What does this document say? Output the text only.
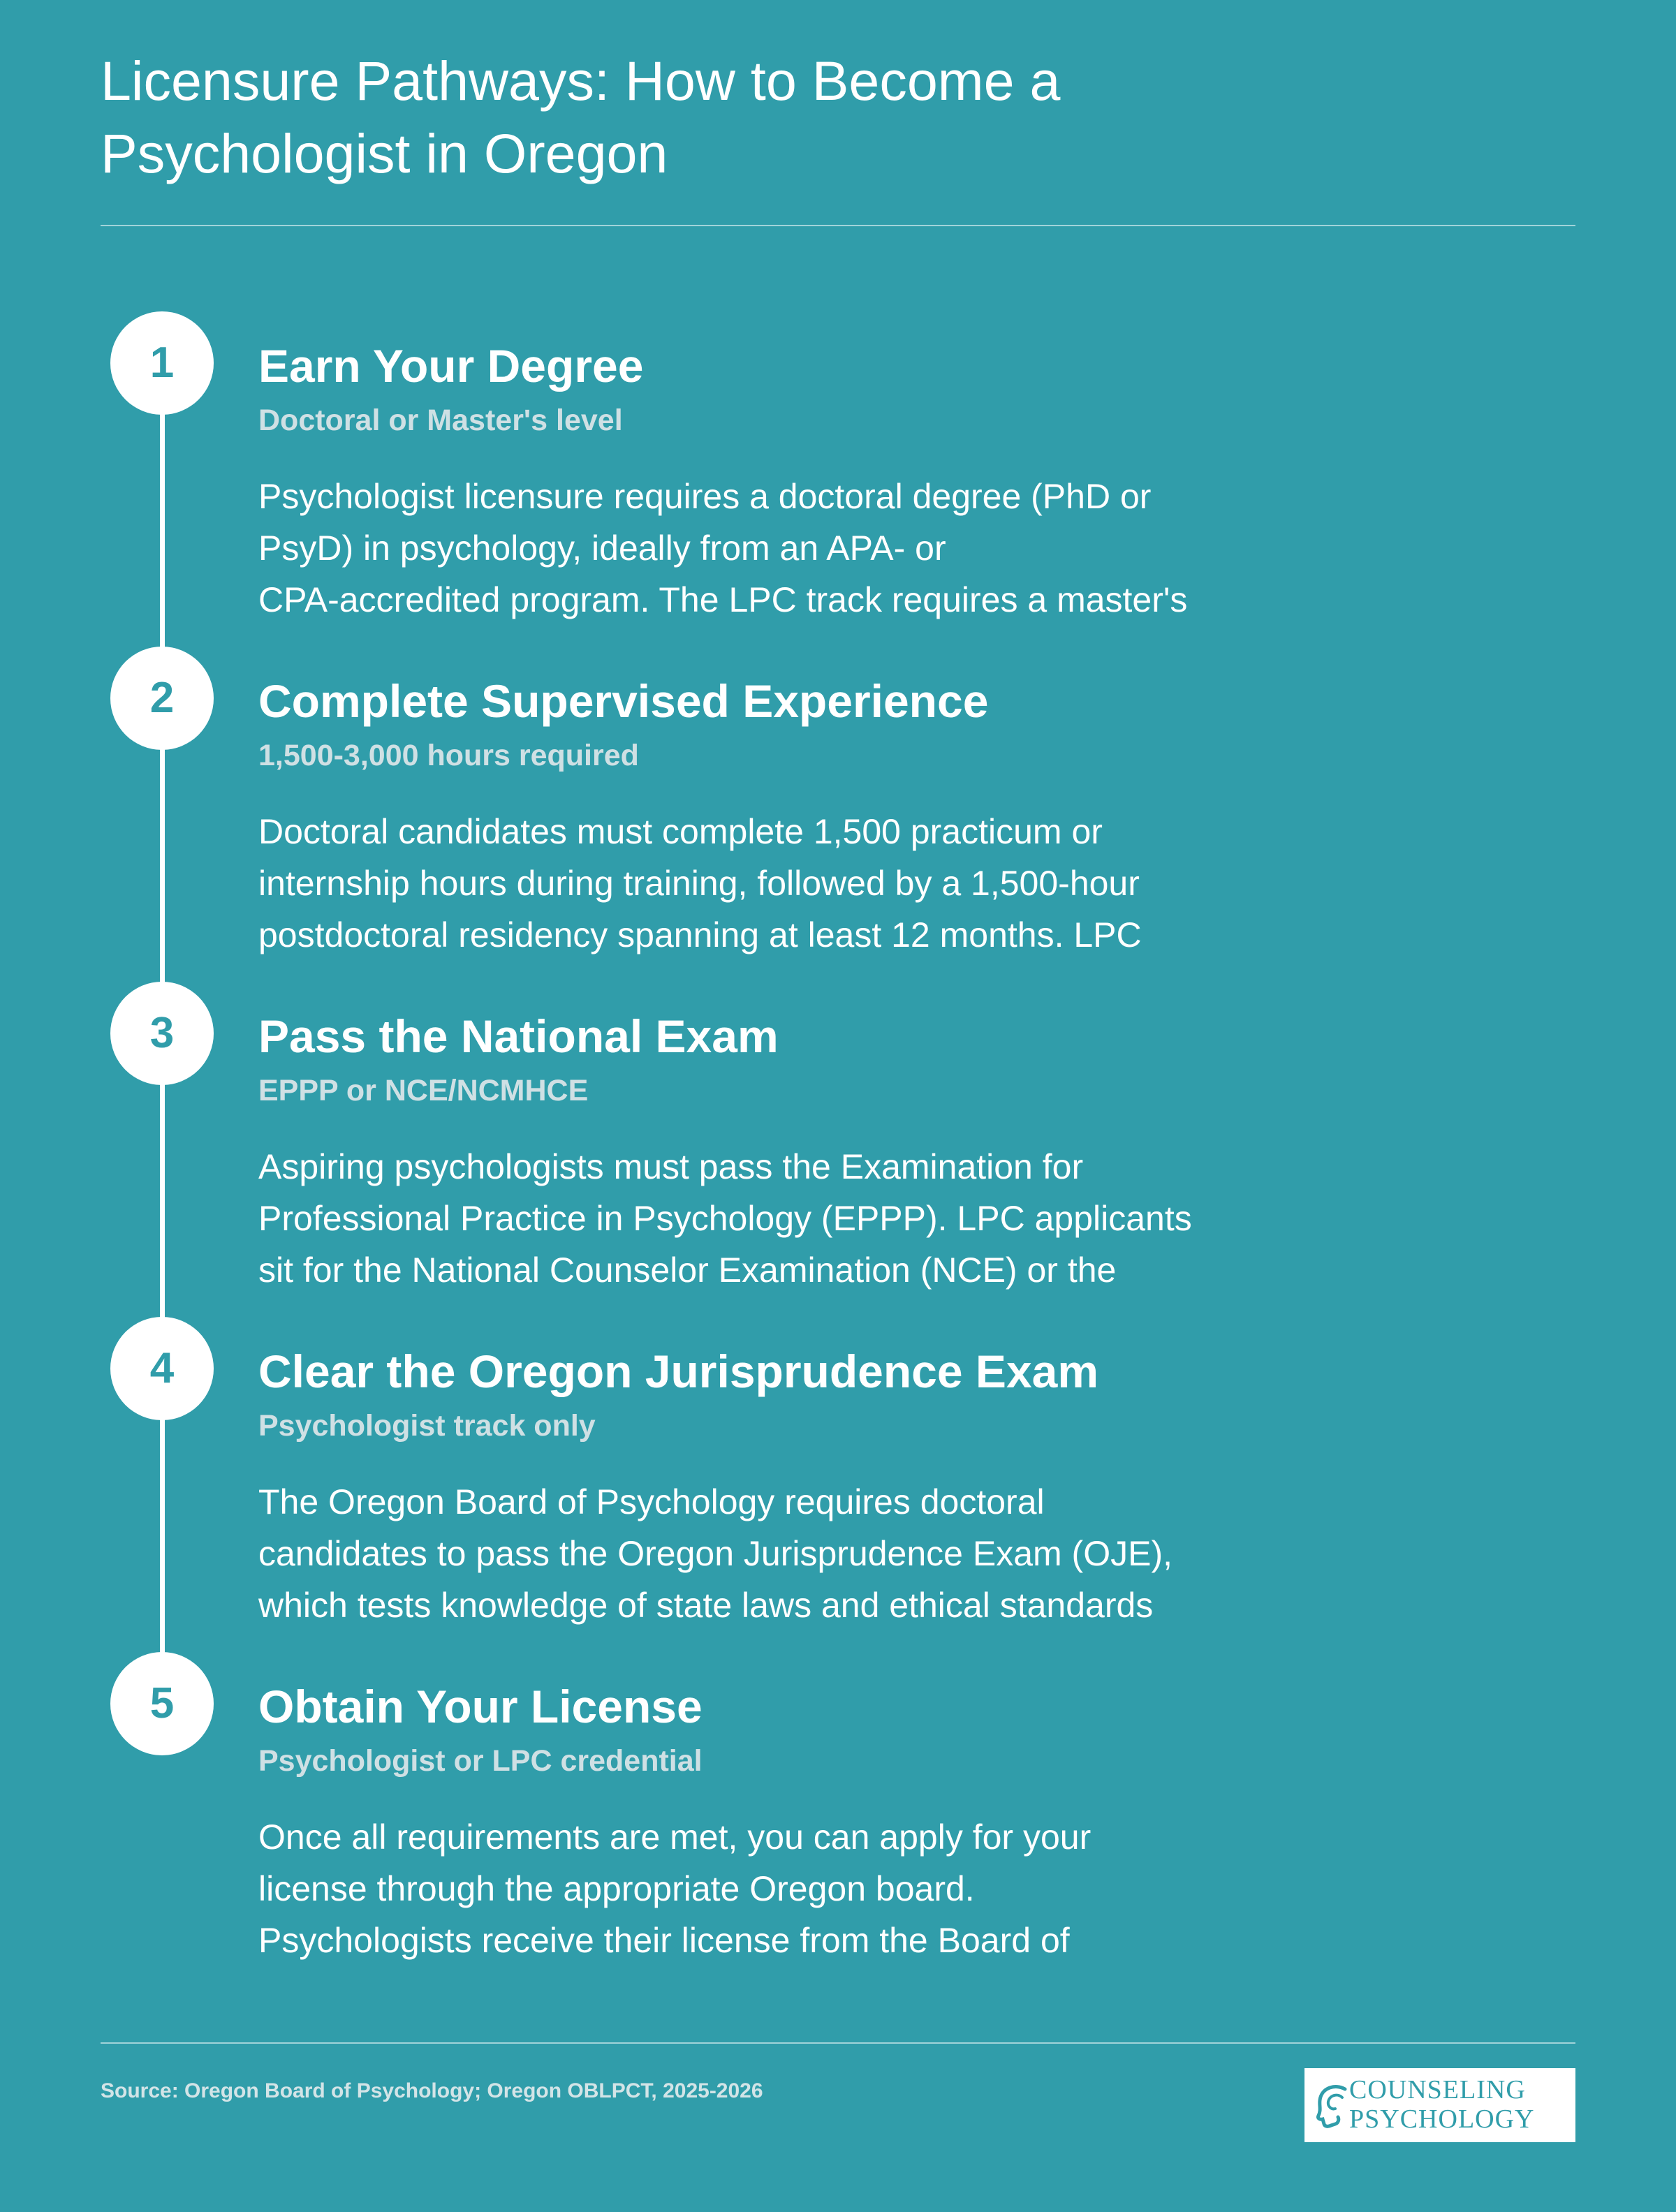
Licensure Pathways: How to Become a
Psychologist in Oregon
1	Earn Your Degree
Doctoral or Master's level
Psychologist licensure requires a doctoral degree (PhD or
PsyD) in psychology, ideally from an APA- or
CPA-accredited program. The LPC track requires a master's
2	Complete Supervised Experience
1,500-3,000 hours required
Doctoral candidates must complete 1,500 practicum or
internship hours during training, followed by a 1,500-hour
postdoctoral residency spanning at least 12 months. LPC
3	Pass the National Exam
EPPP or NCE/NCMHCE
Aspiring psychologists must pass the Examination for
Professional Practice in Psychology (EPPP). LPC applicants
sit for the National Counselor Examination (NCE) or the
4	Clear the Oregon Jurisprudence Exam
Psychologist track only
The Oregon Board of Psychology requires doctoral
candidates to pass the Oregon Jurisprudence Exam (OJE),
which tests knowledge of state laws and ethical standards
5	Obtain Your License
Psychologist or LPC credential
Once all requirements are met, you can apply for your
license through the appropriate Oregon board.
Psychologists receive their license from the Board of
Source: Oregon Board of Psychology; Oregon OBLPCT, 2025-2026	COUNSELING
PSYCHOLOGY
